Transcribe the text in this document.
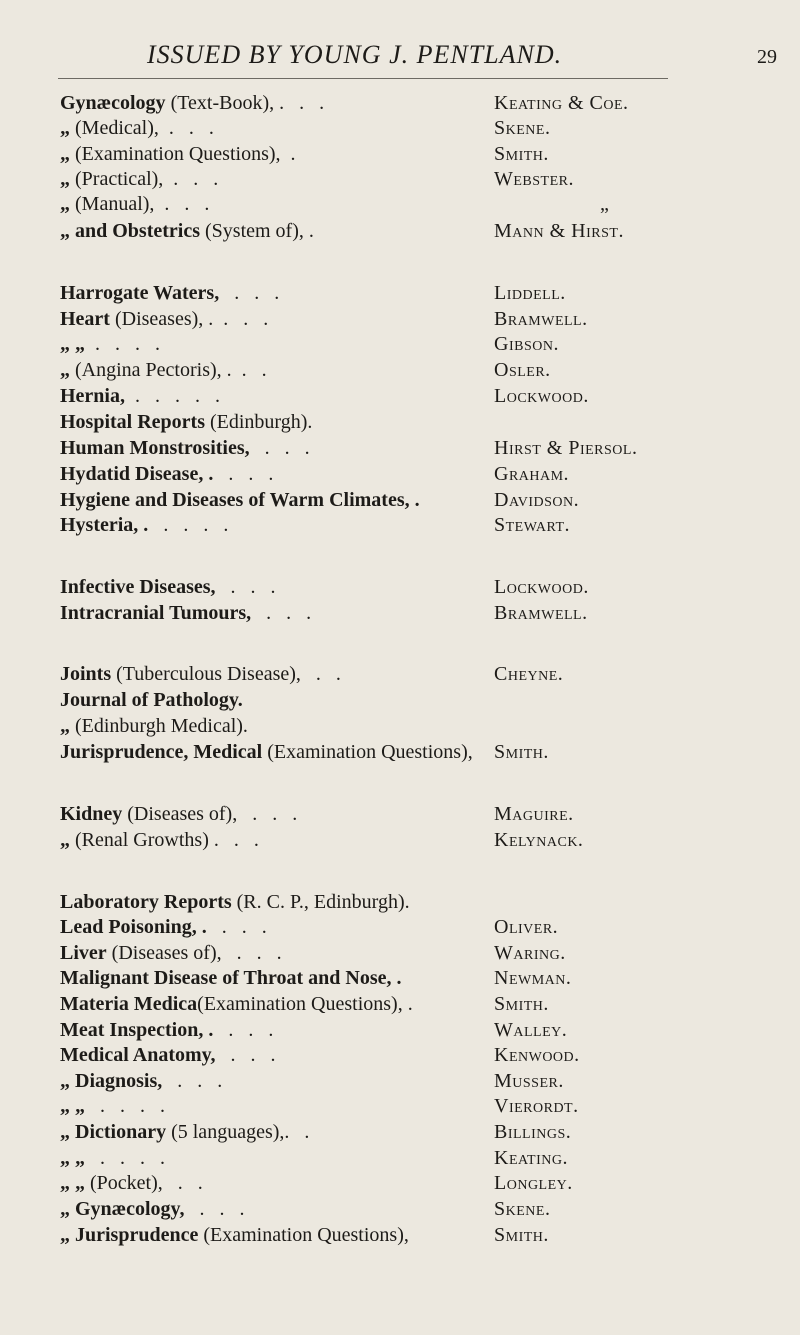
ISSUED BY YOUNG J. PENTLAND.	29
Gynæcology (Text-Book), .   .   .	Keating & Coe.
„ (Medical),  .   .   .	Skene.
„ (Examination Questions),  .	Smith.
„ (Practical),  .   .   .	Webster.
„ (Manual),  .   .   .	„
„ and Obstetrics (System of), .	Mann & Hirst.
Harrogate Waters,   .   .   .	Liddell.
Heart (Diseases), .  .   .   .	Bramwell.
„ „  .   .   .   .	Gibson.
„ (Angina Pectoris), .  .   .	Osler.
Hernia,  .   .   .   .   .	Lockwood.
Hospital Reports (Edinburgh).
Human Monstrosities,   .   .   .	Hirst & Piersol.
Hydatid Disease, .   .   .   .	Graham.
Hygiene and Diseases of Warm Climates, .	Davidson.
Hysteria, .   .   .   .   .	Stewart.
Infective Diseases,   .   .   .	Lockwood.
Intracranial Tumours,   .   .   .	Bramwell.
Joints (Tuberculous Disease),   .   .	Cheyne.
Journal of Pathology.
„ (Edinburgh Medical).
Jurisprudence, Medical (Examination Questions), Smith.
Kidney (Diseases of),   .   .   .	Maguire.
„ (Renal Growths) .   .   .	Kelynack.
Laboratory Reports (R. C. P., Edinburgh).
Lead Poisoning, .   .   .   .	Oliver.
Liver (Diseases of),   .   .   .	Waring.
Malignant Disease of Throat and Nose, .	Newman.
Materia Medica(Examination Questions), .	Smith.
Meat Inspection, .   .   .   .	Walley.
Medical Anatomy,   .   .   .	Kenwood.
„ Diagnosis,   .   .   .	Musser.
„ „   .   .   .   .	Vierordt.
„ Dictionary (5 languages),.   .	Billings.
„ „   .   .   .   .	Keating.
„ „ (Pocket),   .   .	Longley.
„ Gynæcology,   .   .   .	Skene.
„ Jurisprudence (Examination Questions),	Smith.
